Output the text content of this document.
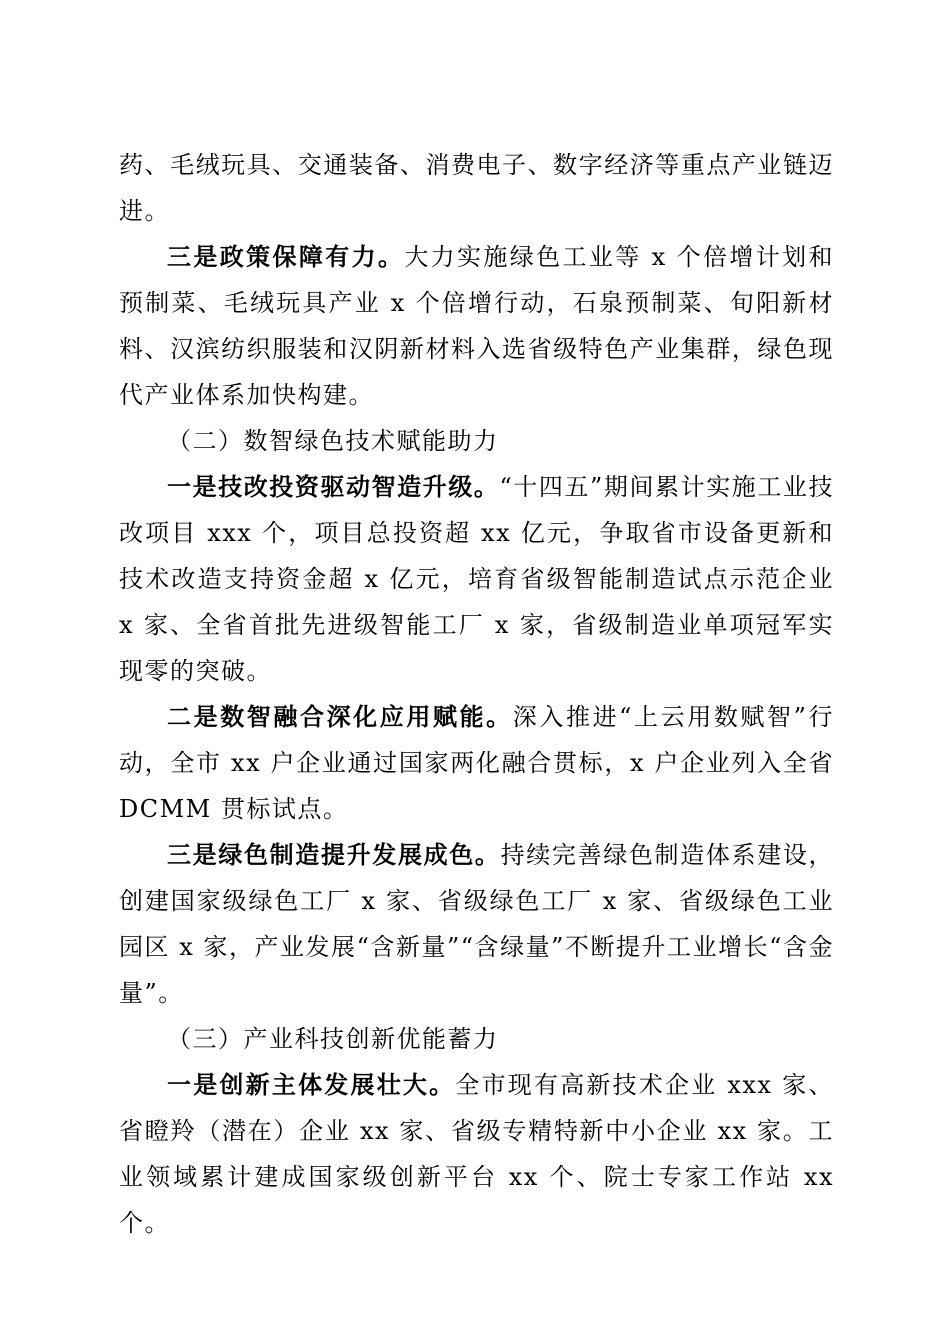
药、毛绒玩具、交通装备、消费电子、数字经济等重点产业链迈进。

三是政策保障有力。大力实施绿色工业等 x 个倍增计划和预制菜、毛绒玩具产业 x 个倍增行动，石泉预制菜、旬阳新材料、汉滨纺织服装和汉阴新材料入选省级特色产业集群，绿色现代产业体系加快构建。

（二）数智绿色技术赋能助力

一是技改投资驱动智造升级。“十四五”期间累计实施工业技改项目 xxx 个，项目总投资超 xx 亿元，争取省市设备更新和技术改造支持资金超 x 亿元，培育省级智能制造试点示范企业 x 家、全省首批先进级智能工厂 x 家，省级制造业单项冠军实现零的突破。

二是数智融合深化应用赋能。深入推进“上云用数赋智”行动，全市 xx 户企业通过国家两化融合贯标，x 户企业列入全省 DCMM 贯标试点。

三是绿色制造提升发展成色。持续完善绿色制造体系建设，创建国家级绿色工厂 x 家、省级绿色工厂 x 家、省级绿色工业园区 x 家，产业发展“含新量”“含绿量”不断提升工业增长“含金量”。

（三）产业科技创新优能蓄力

一是创新主体发展壮大。全市现有高新技术企业 xxx 家、省瞪羚（潜在）企业 xx 家、省级专精特新中小企业 xx 家。工业领域累计建成国家级创新平台 xx 个、院士专家工作站 xx 个。
